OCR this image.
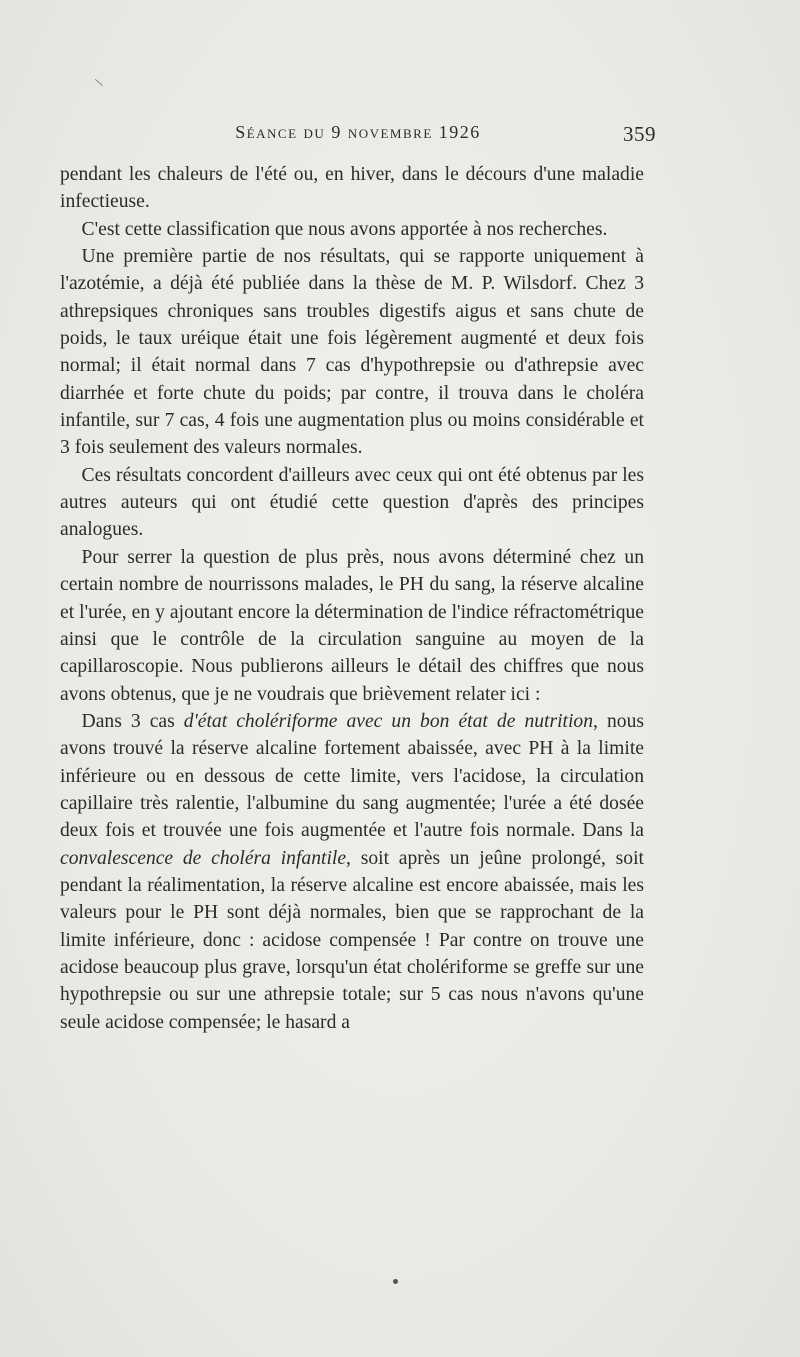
Séance du 9 novembre 1926	359

pendant les chaleurs de l'été ou, en hiver, dans le décours d'une maladie infectieuse.

C'est cette classification que nous avons apportée à nos recherches.

Une première partie de nos résultats, qui se rapporte uniquement à l'azotémie, a déjà été publiée dans la thèse de M. P. Wilsdorf. Chez 3 athrepsiques chroniques sans troubles digestifs aigus et sans chute de poids, le taux uréique était une fois légèrement augmenté et deux fois normal; il était normal dans 7 cas d'hypothrepsie ou d'athrepsie avec diarrhée et forte chute du poids; par contre, il trouva dans le choléra infantile, sur 7 cas, 4 fois une augmentation plus ou moins considérable et 3 fois seulement des valeurs normales.

Ces résultats concordent d'ailleurs avec ceux qui ont été obtenus par les autres auteurs qui ont étudié cette question d'après des principes analogues.

Pour serrer la question de plus près, nous avons déterminé chez un certain nombre de nourrissons malades, le PH du sang, la réserve alcaline et l'urée, en y ajoutant encore la détermination de l'indice réfractométrique ainsi que le contrôle de la circulation sanguine au moyen de la capillaroscopie. Nous publierons ailleurs le détail des chiffres que nous avons obtenus, que je ne voudrais que brièvement relater ici :

Dans 3 cas d'état cholériforme avec un bon état de nutrition, nous avons trouvé la réserve alcaline fortement abaissée, avec PH à la limite inférieure ou en dessous de cette limite, vers l'acidose, la circulation capillaire très ralentie, l'albumine du sang augmentée; l'urée a été dosée deux fois et trouvée une fois augmentée et l'autre fois normale. Dans la convalescence de choléra infantile, soit après un jeûne prolongé, soit pendant la réalimentation, la réserve alcaline est encore abaissée, mais les valeurs pour le PH sont déjà normales, bien que se rapprochant de la limite inférieure, donc : acidose compensée ! Par contre on trouve une acidose beaucoup plus grave, lorsqu'un état cholériforme se greffe sur une hypothrepsie ou sur une athrepsie totale; sur 5 cas nous n'avons qu'une seule acidose compensée; le hasard a
